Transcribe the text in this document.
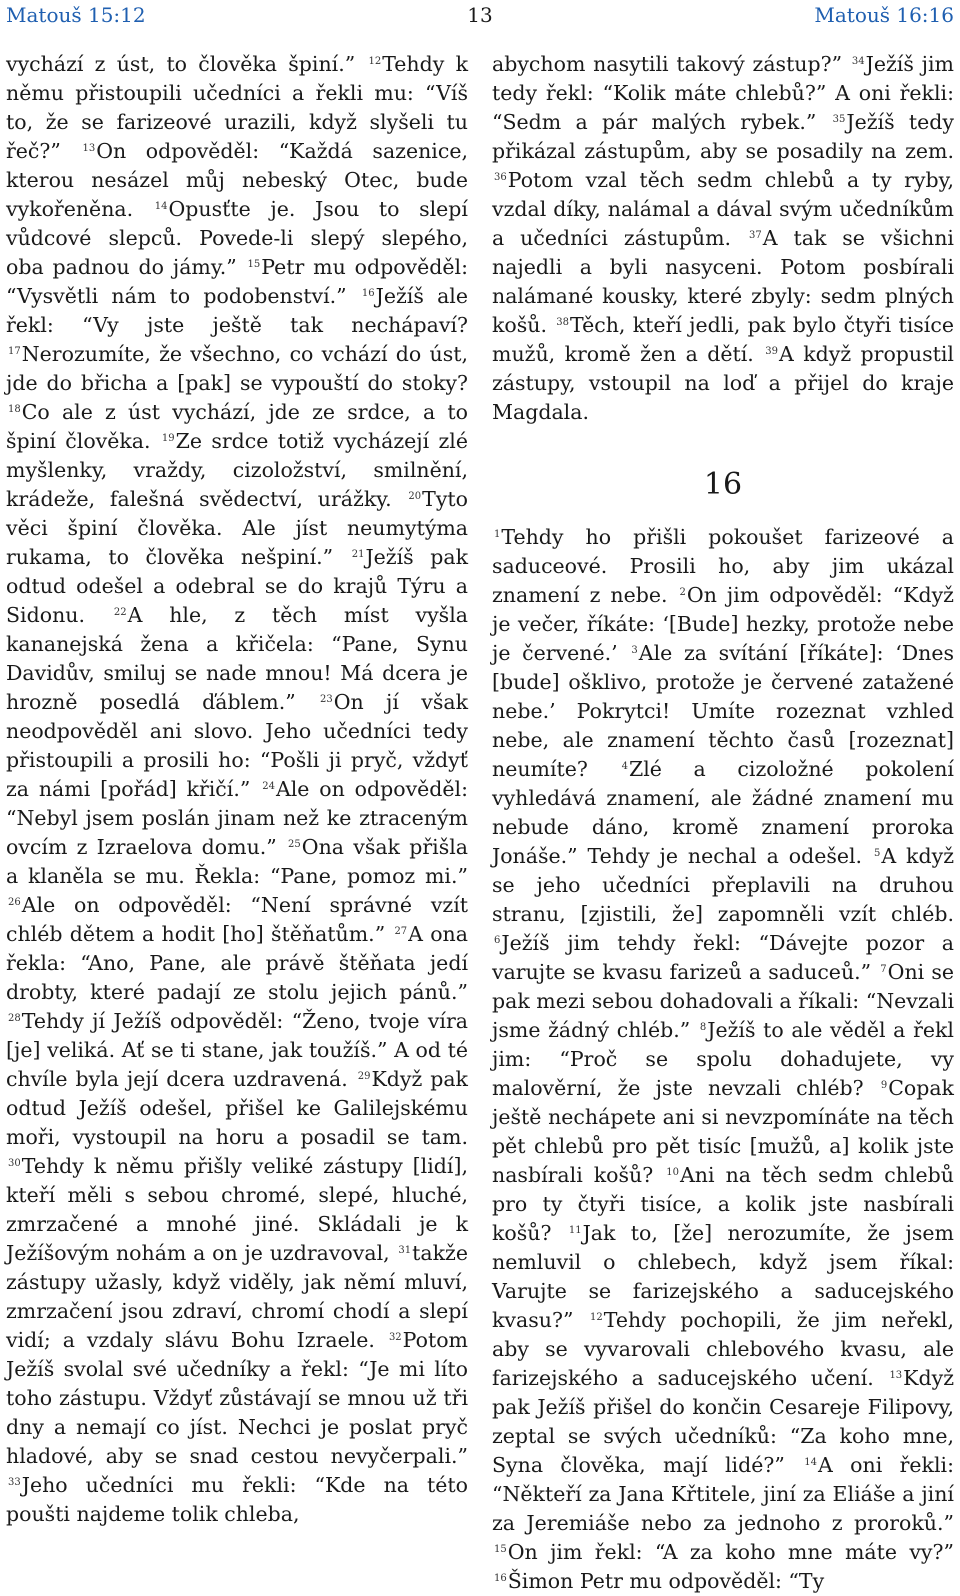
Matouš 15:12	13	Matouš 16:16

vychází z úst, to člověka špiní.” $^{12}$Tehdy k němu přistoupili učedníci a řekli mu: “Víš to, že se farizeové urazili, když slyšeli tu řeč?” $^{13}$On odpověděl: “Každá sazenice, kterou nesázel můj nebeský Otec, bude vykořeněna. $^{14}$Opusťte je. Jsou to slepí vůdcové slepců. Povede-li slepý slepého, oba padnou do jámy.” $^{15}$Petr mu odpověděl: “Vysvětli nám to podobenství.” $^{16}$Ježíš ale řekl: “Vy jste ještě tak nechápaví? $^{17}$Nerozumíte, že všechno, co vchází do úst, jde do břicha a [pak] se vypouští do stoky? $^{18}$Co ale z úst vychází, jde ze srdce, a to špiní člověka. $^{19}$Ze srdce totiž vycházejí zlé myšlenky, vraždy, cizoložství, smilnění, krádeže, falešná svědectví, urážky. $^{20}$Tyto věci špiní člověka. Ale jíst neumytýma rukama, to člověka nešpiní.” $^{21}$Ježíš pak odtud odešel a odebral se do krajů Týru a Sidonu.	$^{22}$A hle, z těch míst vyšla kananejská žena a křičela: “Pane, Synu Davidův, smiluj se nade mnou! Má dcera je hrozně posedlá ďáblem.” $^{23}$On jí však neodpověděl ani slovo. Jeho učedníci tedy přistoupili a prosili ho: “Pošli ji pryč, vždyť za námi [pořád] křičí.” $^{24}$Ale on odpověděl: “Nebyl jsem poslán jinam než ke ztraceným ovcím z Izraelova domu.” $^{25}$Ona však přišla a klaněla se mu. Řekla: “Pane, pomoz mi.” $^{26}$Ale on odpověděl: “Není správné vzít chléb dětem a hodit [ho] štěňatům.” $^{27}$A ona řekla: “Ano, Pane, ale právě štěňata jedí drobty, které padají ze stolu jejich pánů.” $^{28}$Tehdy jí Ježíš odpověděl: “Ženo, tvoje víra [je] veliká. Ať se ti stane, jak toužíš.” A od té chvíle byla její dcera uzdravená. $^{29}$Když pak odtud Ježíš odešel, přišel ke Galilejskému moři, vystoupil na horu a posadil se tam. $^{30}$Tehdy k němu přišly veliké zástupy [lidí], kteří měli s sebou chromé, slepé, hluché, zmrzačené a mnohé jiné. Skládali je k Ježíšovým nohám a on je uzdravoval, $^{31}$takže zástupy užasly, když viděly, jak němí mluví, zmrzačení jsou zdraví, chromí chodí a slepí vidí; a vzdaly slávu Bohu Izraele. $^{32}$Potom Ježíš svolal své učedníky a řekl: “Je mi líto toho zástupu. Vždyť zůstávají se mnou už tři dny a nemají co jíst. Nechci je poslat pryč hladové, aby se snad cestou nevyčerpali.” $^{33}$Jeho učedníci mu řekli: “Kde na této poušti najdeme tolik chleba,

abychom nasytili takový zástup?” $^{34}$Ježíš jim tedy řekl: “Kolik máte chlebů?” A oni řekli: “Sedm a pár malých rybek.” $^{35}$Ježíš tedy přikázal zástupům, aby se posadily na zem. $^{36}$Potom vzal těch sedm chlebů a ty ryby, vzdal díky, nalámal a dával svým učedníkům a učedníci zástupům. $^{37}$A tak se všichni najedli a byli nasyceni. Potom posbírali nalámané kousky, které zbyly: sedm plných košů. $^{38}$Těch, kteří jedli, pak bylo čtyři tisíce mužů, kromě žen a dětí. $^{39}$A když propustil zástupy, vstoupil na loď a přijel do kraje Magdala.

16

$^1$Tehdy ho přišli pokoušet farizeové a saduceové. Prosili ho, aby jim ukázal znamení z nebe. $^2$On jim odpověděl: “Když je večer, říkáte: ‘[Bude] hezky, protože nebe je červené.’ $^3$Ale za svítání [říkáte]: ‘Dnes [bude] ošklivo, protože je červené zatažené nebe.’ Pokrytci! Umíte rozeznat vzhled nebe, ale znamení těchto časů [rozeznat] neumíte?	$^4$Zlé a cizoložné pokolení vyhledává znamení, ale žádné znamení mu nebude dáno, kromě znamení proroka Jonáše.” Tehdy je nechal a odešel. $^5$A když se jeho učedníci přeplavili na druhou stranu, [zjistili, že] zapomněli vzít chléb. $^6$Ježíš jim tehdy řekl: “Dávejte pozor a varujte se kvasu farizeů a saduceů.” $^7$Oni se pak mezi sebou dohadovali a říkali: “Nevzali jsme žádný chléb.” $^8$Ježíš to ale věděl a řekl jim: “Proč se spolu dohadujete, vy malověrní, že jste nevzali chléb? $^9$Copak ještě nechápete ani si nevzpomínáte na těch pět chlebů pro pět tisíc [mužů, a] kolik jste nasbírali košů? $^{10}$Ani na těch sedm chlebů pro ty čtyři tisíce, a kolik jste nasbírali košů? $^{11}$Jak to, [že] nerozumíte, že jsem nemluvil o chlebech, když jsem říkal: Varujte se farizejského a saducejského kvasu?” $^{12}$Tehdy pochopili, že jim neřekl, aby se vyvarovali chlebového kvasu, ale farizejského a saducejského učení. $^{13}$Když pak Ježíš přišel do končin Cesareje Filipovy, zeptal se svých učedníků: “Za koho mne, Syna člověka, mají lidé?” $^{14}$A oni řekli: “Někteří za Jana Křtitele, jiní za Eliáše a jiní za Jeremiáše nebo za jednoho z proroků.” $^{15}$On jim řekl: “A za koho mne máte vy?” $^{16}$Šimon Petr mu odpověděl: “Ty
